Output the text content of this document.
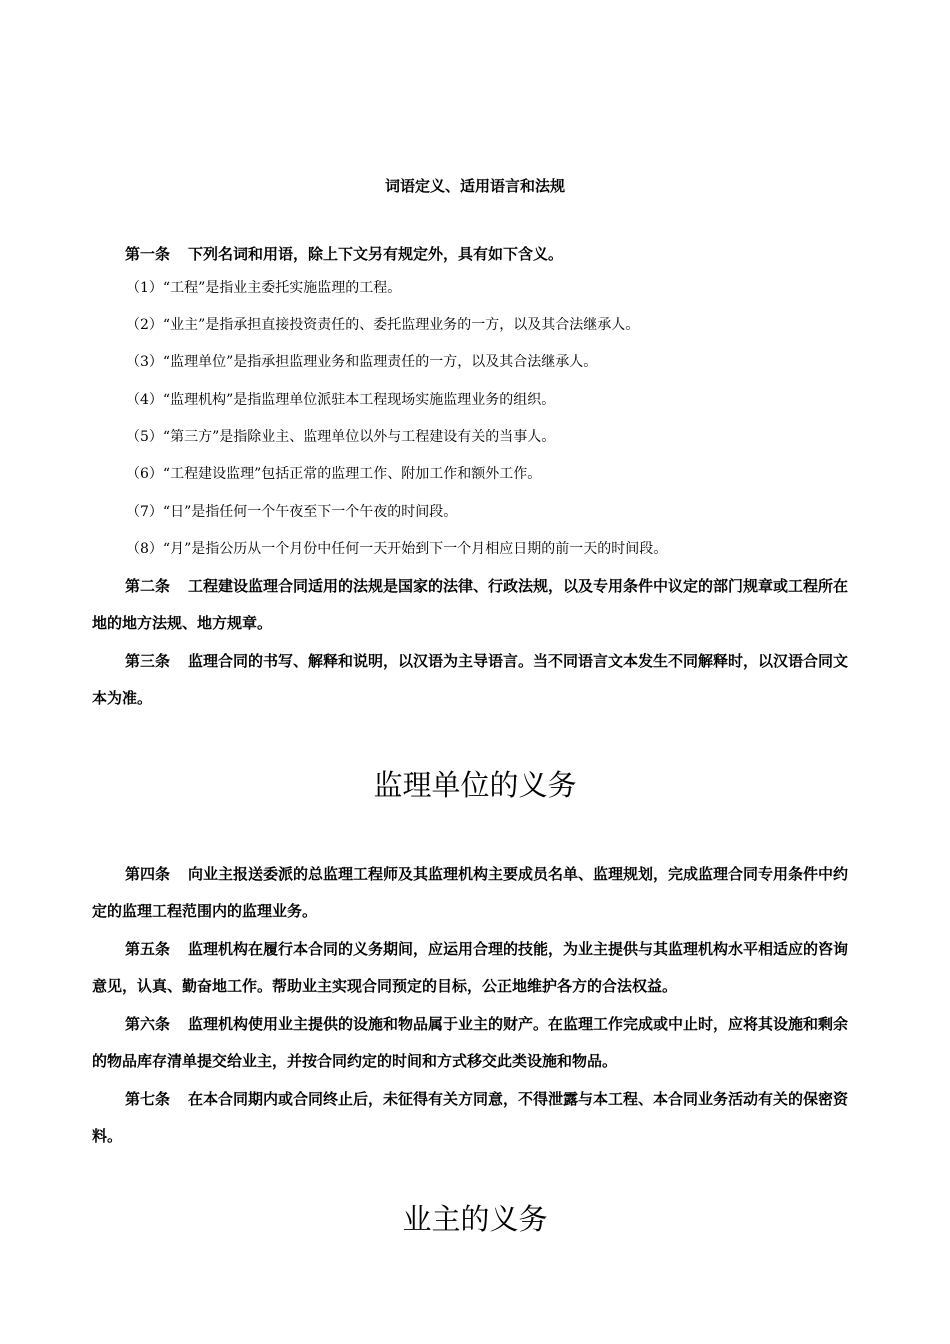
词语定义、适用语言和法规

第一条 下列名词和用语，除上下文另有规定外，具有如下含义。

（1）“工程”是指业主委托实施监理的工程。
（2）“业主”是指承担直接投资责任的、委托监理业务的一方，以及其合法继承人。
（3）“监理单位”是指承担监理业务和监理责任的一方，以及其合法继承人。
（4）“监理机构”是指监理单位派驻本工程现场实施监理业务的组织。
（5）“第三方”是指除业主、监理单位以外与工程建设有关的当事人。
（6）“工程建设监理”包括正常的监理工作、附加工作和额外工作。
（7）“日”是指任何一个午夜至下一个午夜的时间段。
（8）“月”是指公历从一个月份中任何一天开始到下一个月相应日期的前一天的时间段。

第二条 工程建设监理合同适用的法规是国家的法律、行政法规，以及专用条件中议定的部门规章或工程所在地的地方法规、地方规章。

第三条 监理合同的书写、解释和说明，以汉语为主导语言。当不同语言文本发生不同解释时，以汉语合同文本为准。

监理单位的义务

第四条 向业主报送委派的总监理工程师及其监理机构主要成员名单、监理规划，完成监理合同专用条件中约定的监理工程范围内的监理业务。

第五条 监理机构在履行本合同的义务期间，应运用合理的技能，为业主提供与其监理机构水平相适应的咨询意见，认真、勤奋地工作。帮助业主实现合同预定的目标，公正地维护各方的合法权益。

第六条 监理机构使用业主提供的设施和物品属于业主的财产。在监理工作完成或中止时，应将其设施和剩余的物品库存清单提交给业主，并按合同约定的时间和方式移交此类设施和物品。

第七条 在本合同期内或合同终止后，未征得有关方同意，不得泄露与本工程、本合同业务活动有关的保密资料。

业主的义务
